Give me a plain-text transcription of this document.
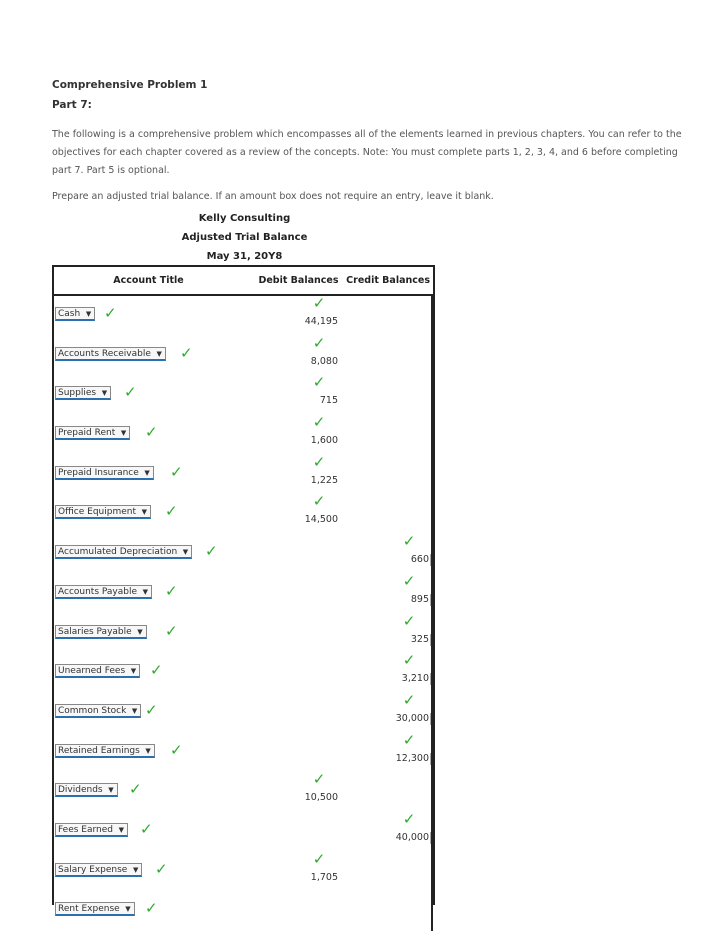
Comprehensive Problem 1
Part 7:

The following is a comprehensive problem which encompasses all of the elements learned in previous chapters. You can refer to the objectives for each chapter covered as a review of the concepts. Note: You must complete parts 1, 2, 3, 4, and 6 before completing part 7. Part 5 is optional.

Prepare an adjusted trial balance. If an amount box does not require an entry, leave it blank.

Kelly Consulting
Adjusted Trial Balance
May 31, 20Y8
Account Title	Debit Balances Credit Balances
Cash ▼ ✓
✓
44,195
Accounts Receivable ▼ ✓
✓
8,080
Supplies ▼ ✓
✓
715
Prepaid Rent ▼ ✓
✓
1,600
Prepaid Insurance ▼ ✓
✓
1,225
Office Equipment ▼ ✓
✓
14,500
Accumulated Depreciation ▼ ✓
✓
660
Accounts Payable ▼ ✓
✓
895
Salaries Payable ▼ ✓
✓
325
Unearned Fees ▼ ✓
✓
3,210
Common Stock ▼ ✓
✓
30,000
Retained Earnings ▼ ✓
✓
12,300
Dividends ▼ ✓
✓
10,500
Fees Earned ▼ ✓
✓
40,000
Salary Expense ▼ ✓
✓
1,705
Rent Expense ▼ ✓
